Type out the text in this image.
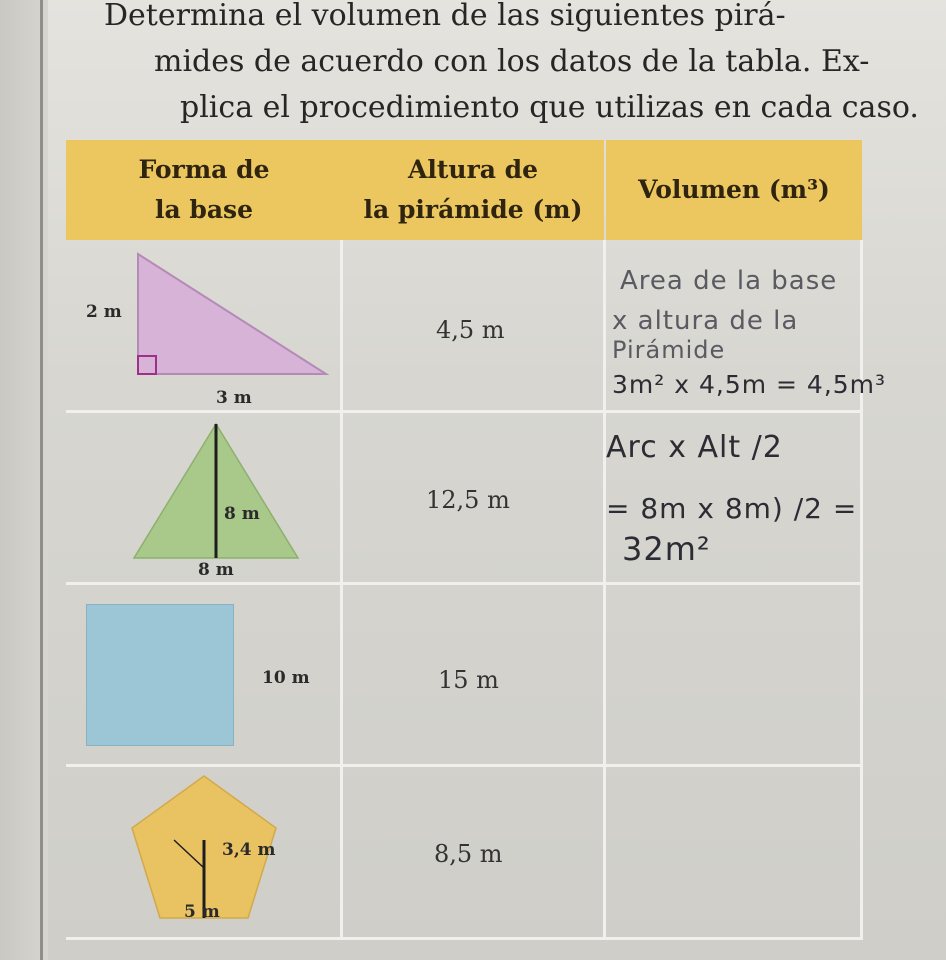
Determina el volumen de las siguientes pirá-
mides de acuerdo con los datos de la tabla. Ex-
plica el procedimiento que utilizas en cada caso.
Forma de
la base
Altura de
la pirámide (m)
Volumen (m³)
2 m
3 m
4,5 m
Area de la base
x altura de la
Pirámide
3m² x 4,5m = 4,5m³
8 m
8 m
12,5 m
Arc x Alt /2
= 8m x 8m) /2 =
32m²
10 m	15 m
3,4 m
5 m
8,5 m
